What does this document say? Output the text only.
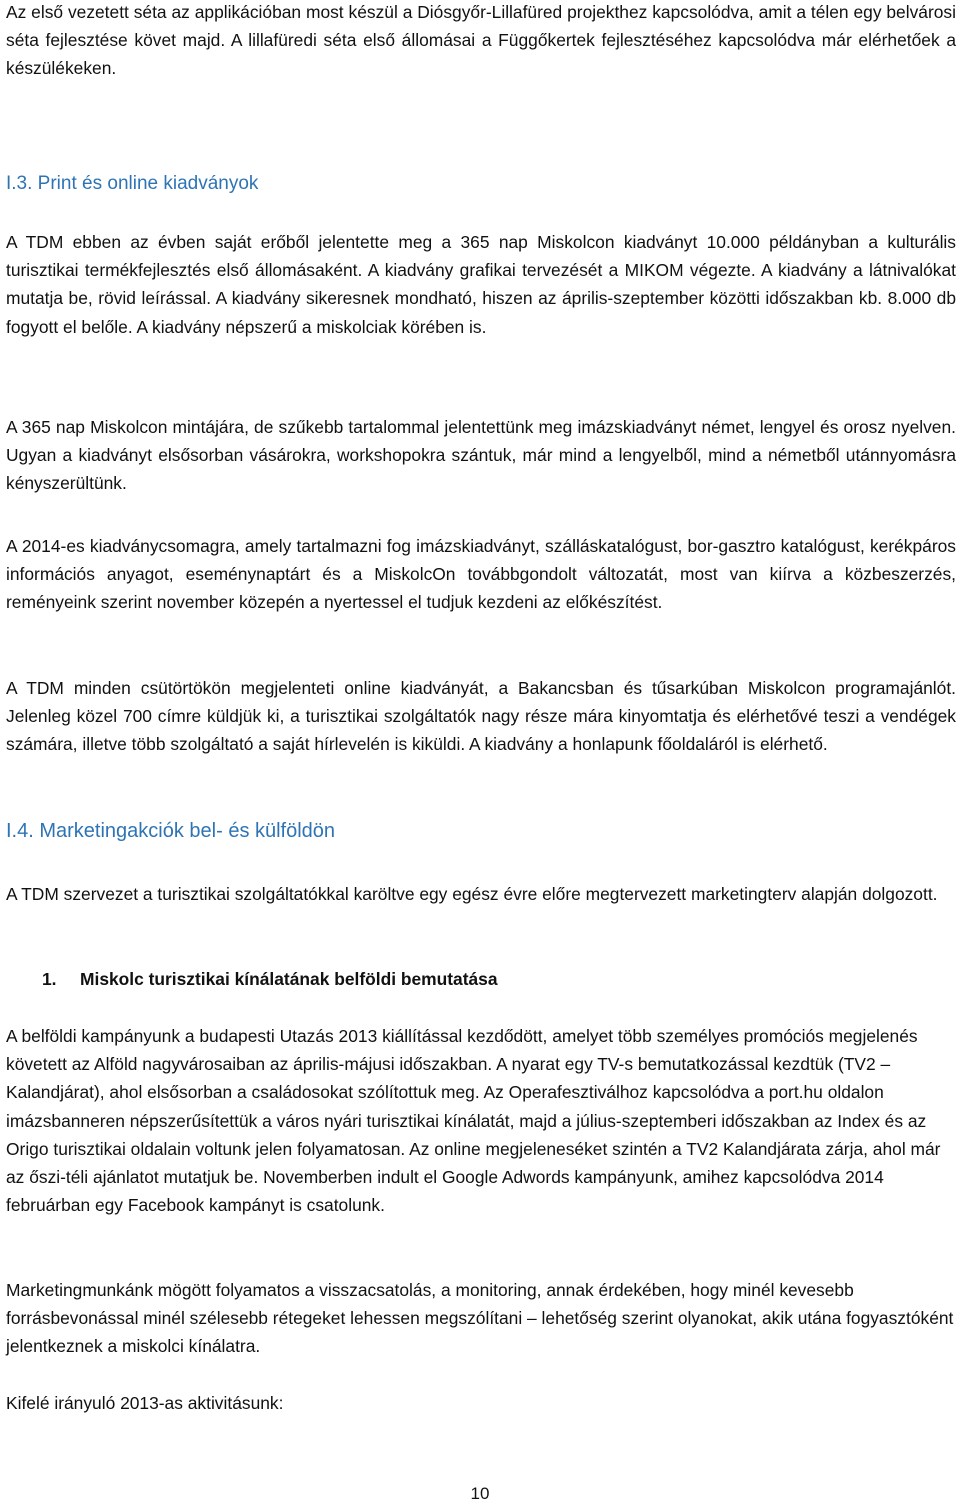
Az első vezetett séta az applikációban most készül a Diósgyőr-Lillafüred projekthez kapcsolódva, amit a télen egy belvárosi séta fejlesztése követ majd. A lillafüredi séta első állomásai a Függőkertek fejlesztéséhez kapcsolódva már elérhetőek a készülékeken.

I.3. Print és online kiadványok

A TDM ebben az évben saját erőből jelentette meg a 365 nap Miskolcon kiadványt 10.000 példányban a kulturális turisztikai termékfejlesztés első állomásaként. A kiadvány grafikai tervezését a MIKOM végezte. A kiadvány a látnivalókat mutatja be, rövid leírással. A kiadvány sikeresnek mondható, hiszen az április-szeptember közötti időszakban kb. 8.000 db fogyott el belőle. A kiadvány népszerű a miskolciak körében is.

A 365 nap Miskolcon mintájára, de szűkebb tartalommal jelentettünk meg imázskiadványt német, lengyel és orosz nyelven. Ugyan a kiadványt elsősorban vásárokra, workshopokra szántuk, már mind a lengyelből, mind a németből utánnyomásra kényszerültünk.

A 2014-es kiadványcsomagra, amely tartalmazni fog imázskiadványt, szálláskatalógust, bor-gasztro katalógust, kerékpáros információs anyagot, eseménynaptárt és a MiskolcOn továbbgondolt változatát, most van kiírva a közbeszerzés, reményeink szerint november közepén a nyertessel el tudjuk kezdeni az előkészítést.

A TDM minden csütörtökön megjelenteti online kiadványát, a Bakancsban és tűsarkúban Miskolcon programajánlót. Jelenleg közel 700 címre küldjük ki, a turisztikai szolgáltatók nagy része mára kinyomtatja és elérhetővé teszi a vendégek számára, illetve több szolgáltató a saját hírlevelén is kiküldi. A kiadvány a honlapunk főoldaláról is elérhető.

I.4. Marketingakciók bel- és külföldön

A TDM szervezet a turisztikai szolgáltatókkal karöltve egy egész évre előre megtervezett marketingterv alapján dolgozott.

1. Miskolc turisztikai kínálatának belföldi bemutatása

A belföldi kampányunk a budapesti Utazás 2013 kiállítással kezdődött, amelyet több személyes promóciós megjelenés követett az Alföld nagyvárosaiban az április-májusi időszakban. A nyarat egy TV-s bemutatkozással kezdtük (TV2 – Kalandjárat), ahol elsősorban a családosokat szólítottuk meg. Az Operafesztiválhoz kapcsolódva a port.hu oldalon imázsbanneren népszerűsítettük a város nyári turisztikai kínálatát, majd a július-szeptemberi időszakban az Index és az Origo turisztikai oldalain voltunk jelen folyamatosan. Az online megjeleneséket szintén a TV2 Kalandjárata zárja, ahol már az őszi-téli ajánlatot mutatjuk be. Novemberben indult el Google Adwords kampányunk, amihez kapcsolódva 2014 februárban egy Facebook kampányt is csatolunk.

Marketingmunkánk mögött folyamatos a visszacsatolás, a monitoring, annak érdekében, hogy minél kevesebb forrásbevonással minél szélesebb rétegeket lehessen megszólítani – lehetőség szerint olyanokat, akik utána fogyasztóként jelentkeznek a miskolci kínálatra.

Kifelé irányuló 2013-as aktivitásunk:

10
